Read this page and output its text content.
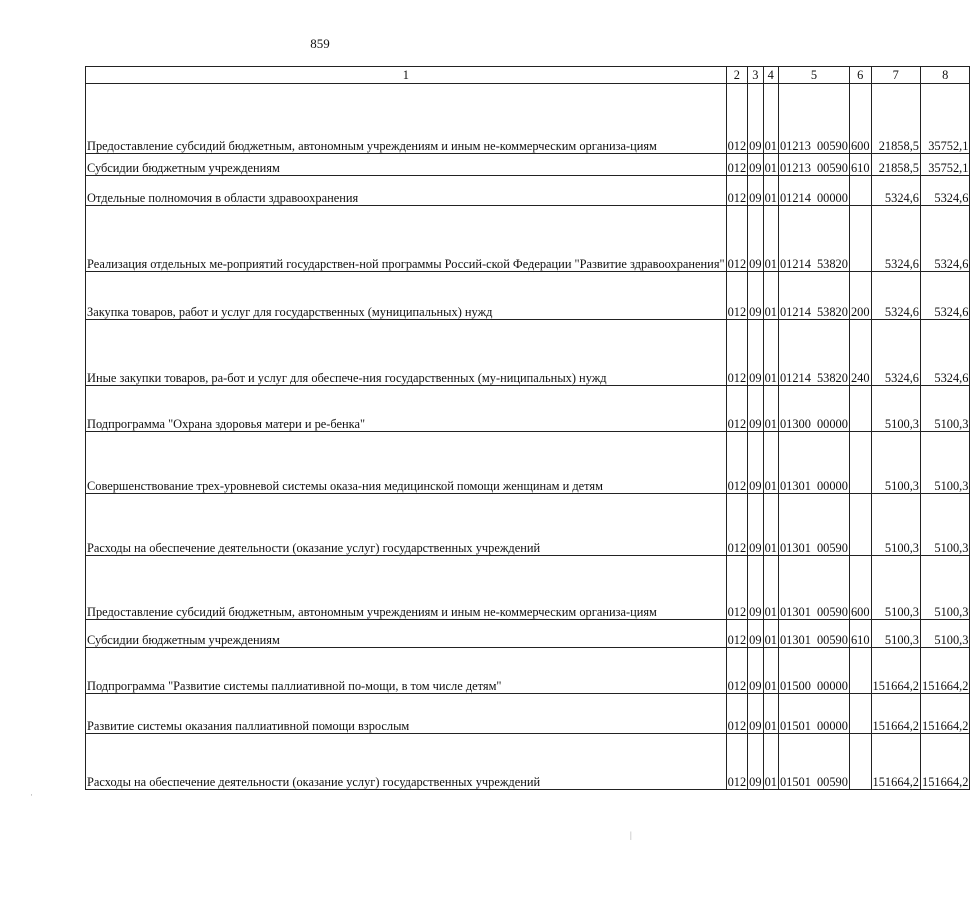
859
1	2	3	4	5	6	7	8
Предоставление субсидий бюджетным, автономным учреждениям и иным не-коммерческим организа-циям	012	09	01	01213 00590	600	21858,5	35752,1
Субсидии бюджетным учреждениям	012	09	01	01213 00590	610	21858,5	35752,1
Отдельные полномочия в области здравоохранения	012	09	01	01214 00000		5324,6	5324,6
Реализация отдельных ме-роприятий государствен-ной программы Россий-ской Федерации "Развитие здравоохранения"	012	09	01	01214 53820		5324,6	5324,6
Закупка товаров, работ и услуг для государственных (муниципальных) нужд	012	09	01	01214 53820	200	5324,6	5324,6
Иные закупки товаров, ра-бот и услуг для обеспече-ния государственных (му-ниципальных) нужд	012	09	01	01214 53820	240	5324,6	5324,6
Подпрограмма "Охрана здоровья матери и ре-бенка"	012	09	01	01300 00000		5100,3	5100,3
Совершенствование трех-уровневой системы оказа-ния медицинской помощи женщинам и детям	012	09	01	01301 00000		5100,3	5100,3
Расходы на обеспечение деятельности (оказание услуг) государственных учреждений	012	09	01	01301 00590		5100,3	5100,3
Предоставление субсидий бюджетным, автономным учреждениям и иным не-коммерческим организа-циям	012	09	01	01301 00590	600	5100,3	5100,3
Субсидии бюджетным учреждениям	012	09	01	01301 00590	610	5100,3	5100,3
Подпрограмма "Развитие системы паллиативной по-мощи, в том числе детям"	012	09	01	01500 00000		151664,2	151664,2
Развитие системы оказания паллиативной помощи взрослым	012	09	01	01501 00000		151664,2	151664,2
Расходы на обеспечение деятельности (оказание услуг) государственных учреждений	012	09	01	01501 00590		151664,2	151664,2
·
|
